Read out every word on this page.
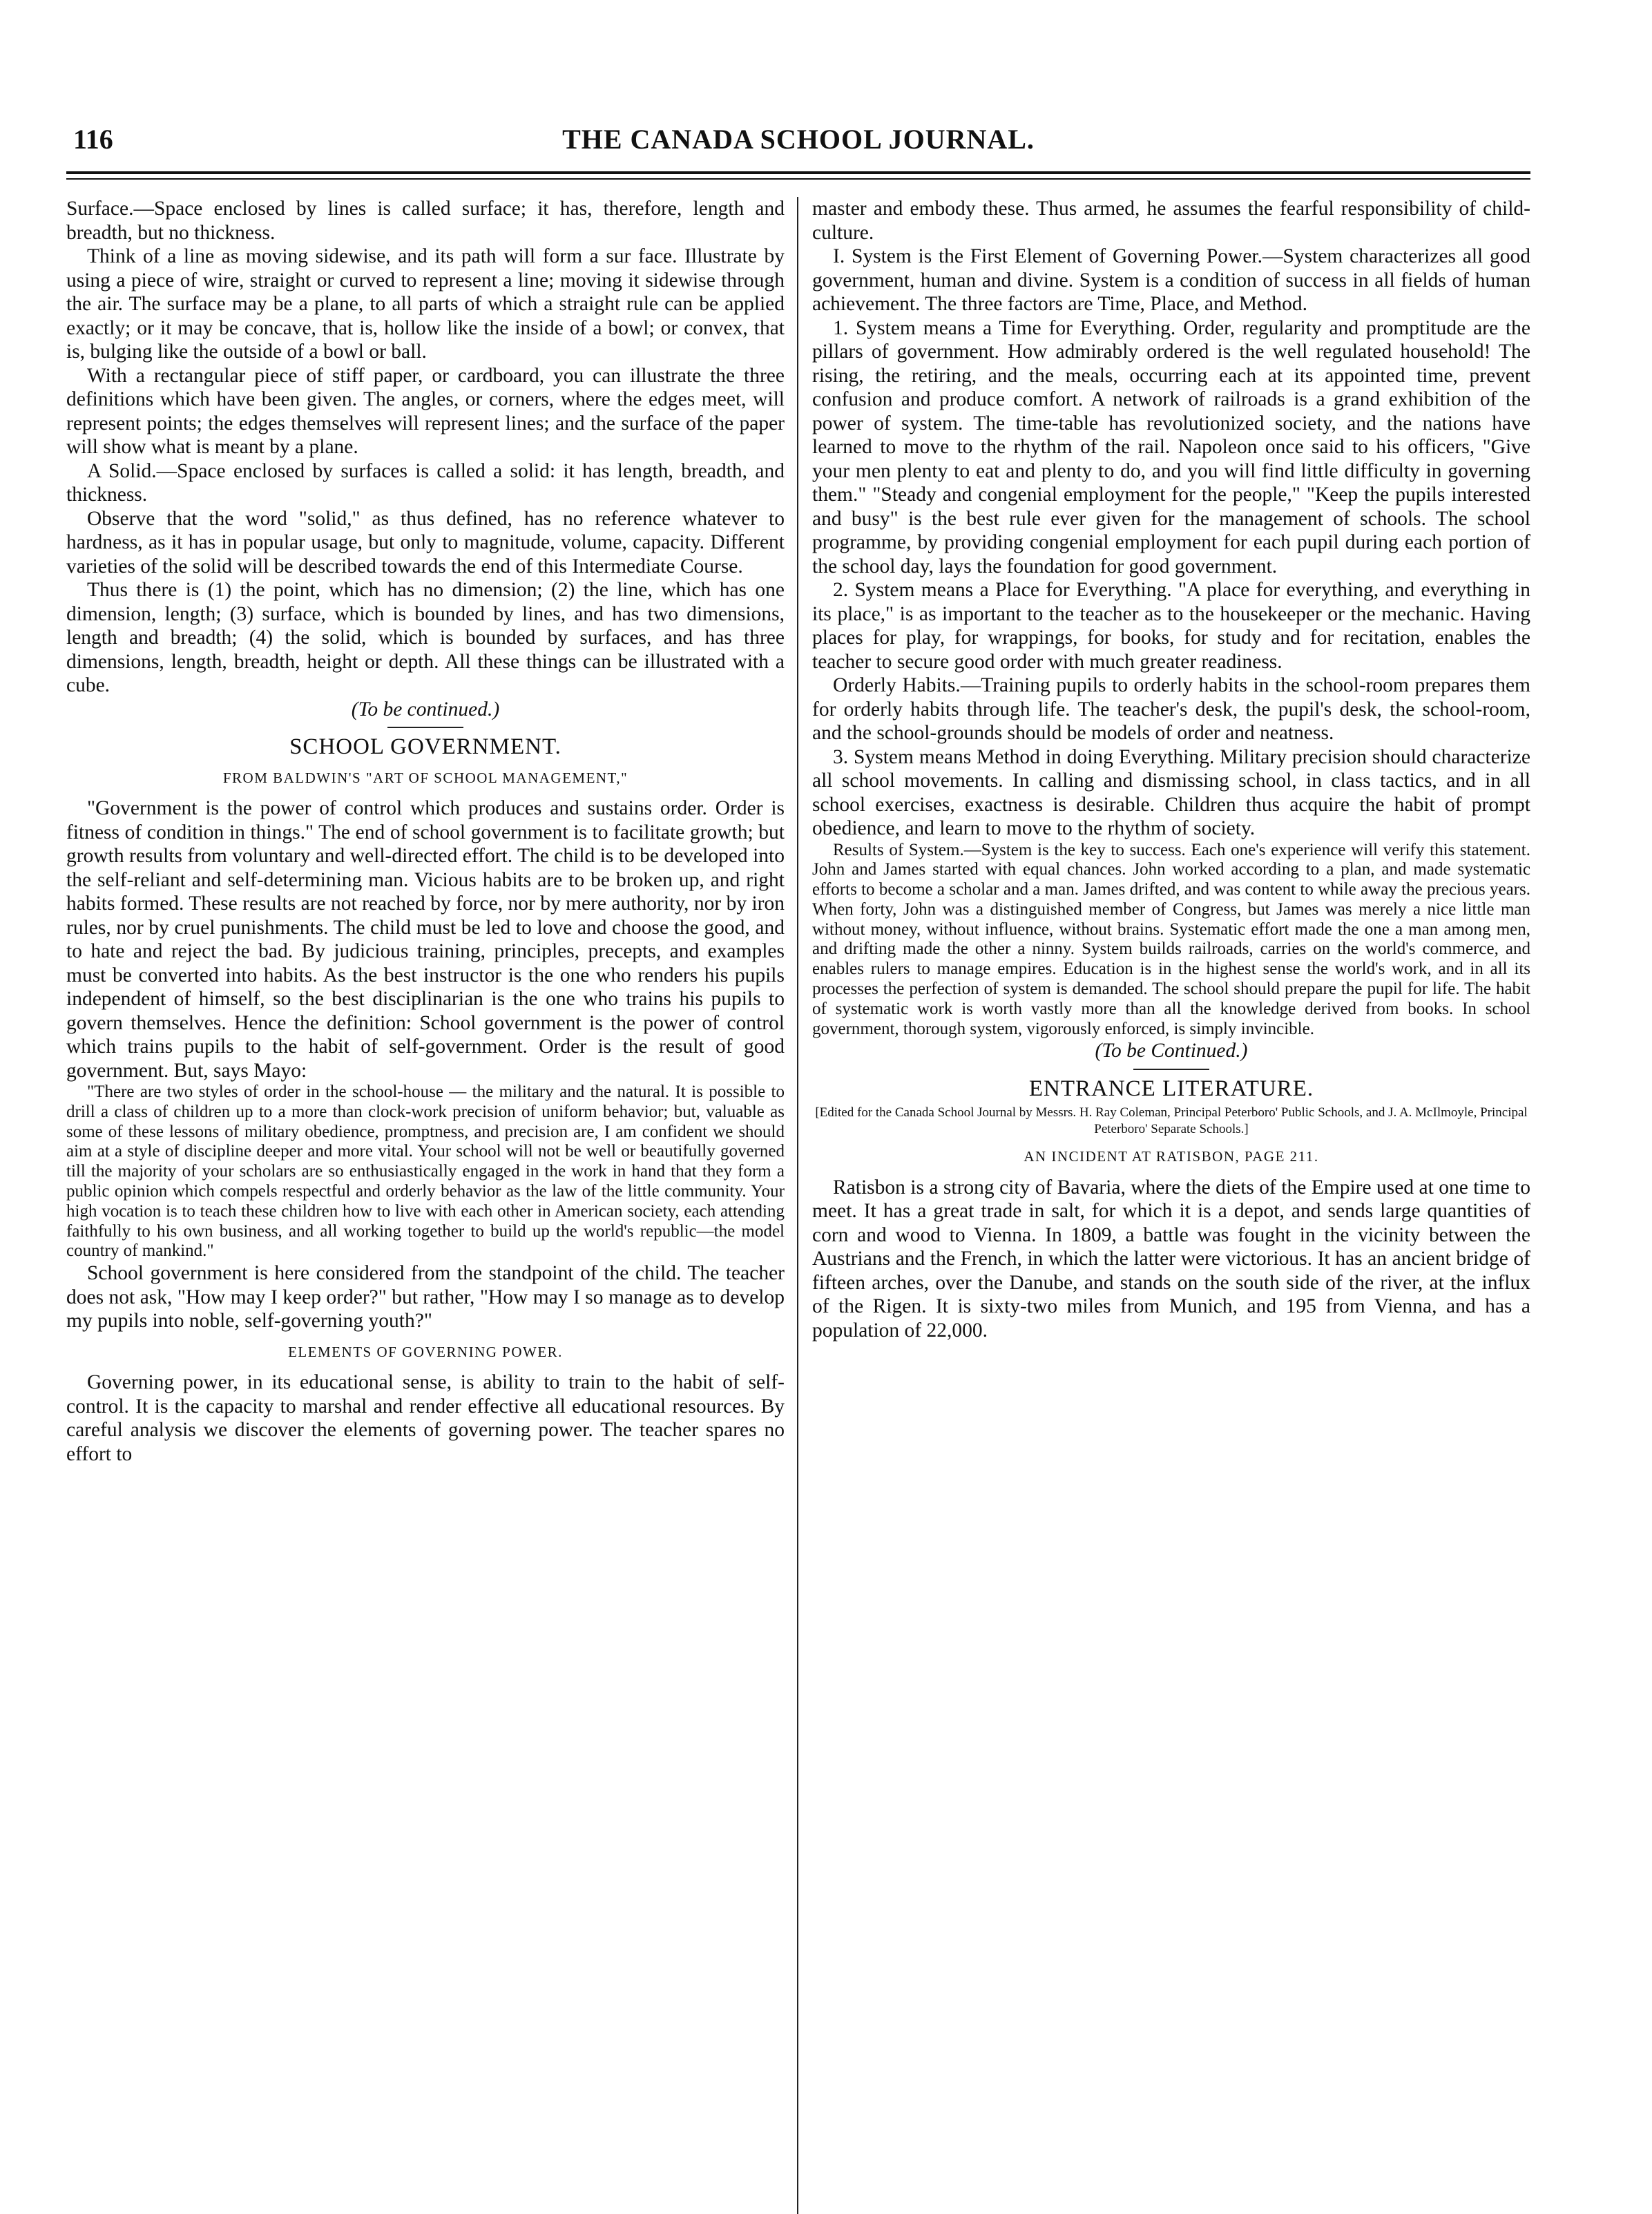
116	THE CANADA SCHOOL JOURNAL.

Surface.—Space enclosed by lines is called surface; it has, therefore, length and breadth, but no thickness.

Think of a line as moving sidewise, and its path will form a sur face. Illustrate by using a piece of wire, straight or curved to represent a line; moving it sidewise through the air. The surface may be a plane, to all parts of which a straight rule can be applied exactly; or it may be concave, that is, hollow like the inside of a bowl; or convex, that is, bulging like the outside of a bowl or ball.

With a rectangular piece of stiff paper, or cardboard, you can illustrate the three definitions which have been given. The angles, or corners, where the edges meet, will represent points; the edges themselves will represent lines; and the surface of the paper will show what is meant by a plane.

A Solid.—Space enclosed by surfaces is called a solid: it has length, breadth, and thickness.

Observe that the word "solid," as thus defined, has no reference whatever to hardness, as it has in popular usage, but only to magnitude, volume, capacity. Different varieties of the solid will be described towards the end of this Intermediate Course.

Thus there is (1) the point, which has no dimension; (2) the line, which has one dimension, length; (3) surface, which is bounded by lines, and has two dimensions, length and breadth; (4) the solid, which is bounded by surfaces, and has three dimensions, length, breadth, height or depth. All these things can be illustrated with a cube.

(To be continued.)

SCHOOL GOVERNMENT.

FROM BALDWIN'S "ART OF SCHOOL MANAGEMENT,"

"Government is the power of control which produces and sustains order. Order is fitness of condition in things." The end of school government is to facilitate growth; but growth results from voluntary and well-directed effort. The child is to be developed into the self-reliant and self-determining man. Vicious habits are to be broken up, and right habits formed. These results are not reached by force, nor by mere authority, nor by iron rules, nor by cruel punishments. The child must be led to love and choose the good, and to hate and reject the bad. By judicious training, principles, precepts, and examples must be converted into habits. As the best instructor is the one who renders his pupils independent of himself, so the best disciplinarian is the one who trains his pupils to govern themselves. Hence the definition: School government is the power of control which trains pupils to the habit of self-government. Order is the result of good government. But, says Mayo:

"There are two styles of order in the school-house — the military and the natural. It is possible to drill a class of children up to a more than clock-work precision of uniform behavior; but, valuable as some of these lessons of military obedience, promptness, and precision are, I am confident we should aim at a style of discipline deeper and more vital. Your school will not be well or beautifully governed till the majority of your scholars are so enthusiastically engaged in the work in hand that they form a public opinion which compels respectful and orderly behavior as the law of the little community. Your high vocation is to teach these children how to live with each other in American society, each attending faithfully to his own business, and all working together to build up the world's republic—the model country of mankind."

School government is here considered from the standpoint of the child. The teacher does not ask, "How may I keep order?" but rather, "How may I so manage as to develop my pupils into noble, self-governing youth?"

ELEMENTS OF GOVERNING POWER.

Governing power, in its educational sense, is ability to train to the habit of self-control. It is the capacity to marshal and render effective all educational resources. By careful analysis we discover the elements of governing power. The teacher spares no effort to

master and embody these. Thus armed, he assumes the fearful responsibility of child-culture.

I. System is the First Element of Governing Power.—System characterizes all good government, human and divine. System is a condition of success in all fields of human achievement. The three factors are Time, Place, and Method.

1. System means a Time for Everything. Order, regularity and promptitude are the pillars of government. How admirably ordered is the well regulated household! The rising, the retiring, and the meals, occurring each at its appointed time, prevent confusion and produce comfort. A network of railroads is a grand exhibition of the power of system. The time-table has revolutionized society, and the nations have learned to move to the rhythm of the rail. Napoleon once said to his officers, "Give your men plenty to eat and plenty to do, and you will find little difficulty in governing them." "Steady and congenial employment for the people," "Keep the pupils interested and busy" is the best rule ever given for the management of schools. The school programme, by providing congenial employment for each pupil during each portion of the school day, lays the foundation for good government.

2. System means a Place for Everything. "A place for everything, and everything in its place," is as important to the teacher as to the housekeeper or the mechanic. Having places for play, for wrappings, for books, for study and for recitation, enables the teacher to secure good order with much greater readiness.

Orderly Habits.—Training pupils to orderly habits in the school-room prepares them for orderly habits through life. The teacher's desk, the pupil's desk, the school-room, and the school-grounds should be models of order and neatness.

3. System means Method in doing Everything. Military precision should characterize all school movements. In calling and dismissing school, in class tactics, and in all school exercises, exactness is desirable. Children thus acquire the habit of prompt obedience, and learn to move to the rhythm of society.

Results of System.—System is the key to success. Each one's experience will verify this statement. John and James started with equal chances. John worked according to a plan, and made systematic efforts to become a scholar and a man. James drifted, and was content to while away the precious years. When forty, John was a distinguished member of Congress, but James was merely a nice little man without money, without influence, without brains. Systematic effort made the one a man among men, and drifting made the other a ninny. System builds railroads, carries on the world's commerce, and enables rulers to manage empires. Education is in the highest sense the world's work, and in all its processes the perfection of system is demanded. The school should prepare the pupil for life. The habit of systematic work is worth vastly more than all the knowledge derived from books. In school government, thorough system, vigorously enforced, is simply invincible.

(To be Continued.)

ENTRANCE LITERATURE.

[Edited for the Canada School Journal by Messrs. H. Ray Coleman, Principal Peterboro' Public Schools, and J. A. McIlmoyle, Principal Peterboro' Separate Schools.]

AN INCIDENT AT RATISBON, PAGE 211.

Ratisbon is a strong city of Bavaria, where the diets of the Empire used at one time to meet. It has a great trade in salt, for which it is a depot, and sends large quantities of corn and wood to Vienna. In 1809, a battle was fought in the vicinity between the Austrians and the French, in which the latter were victorious. It has an ancient bridge of fifteen arches, over the Danube, and stands on the south side of the river, at the influx of the Rigen. It is sixty-two miles from Munich, and 195 from Vienna, and has a population of 22,000.
